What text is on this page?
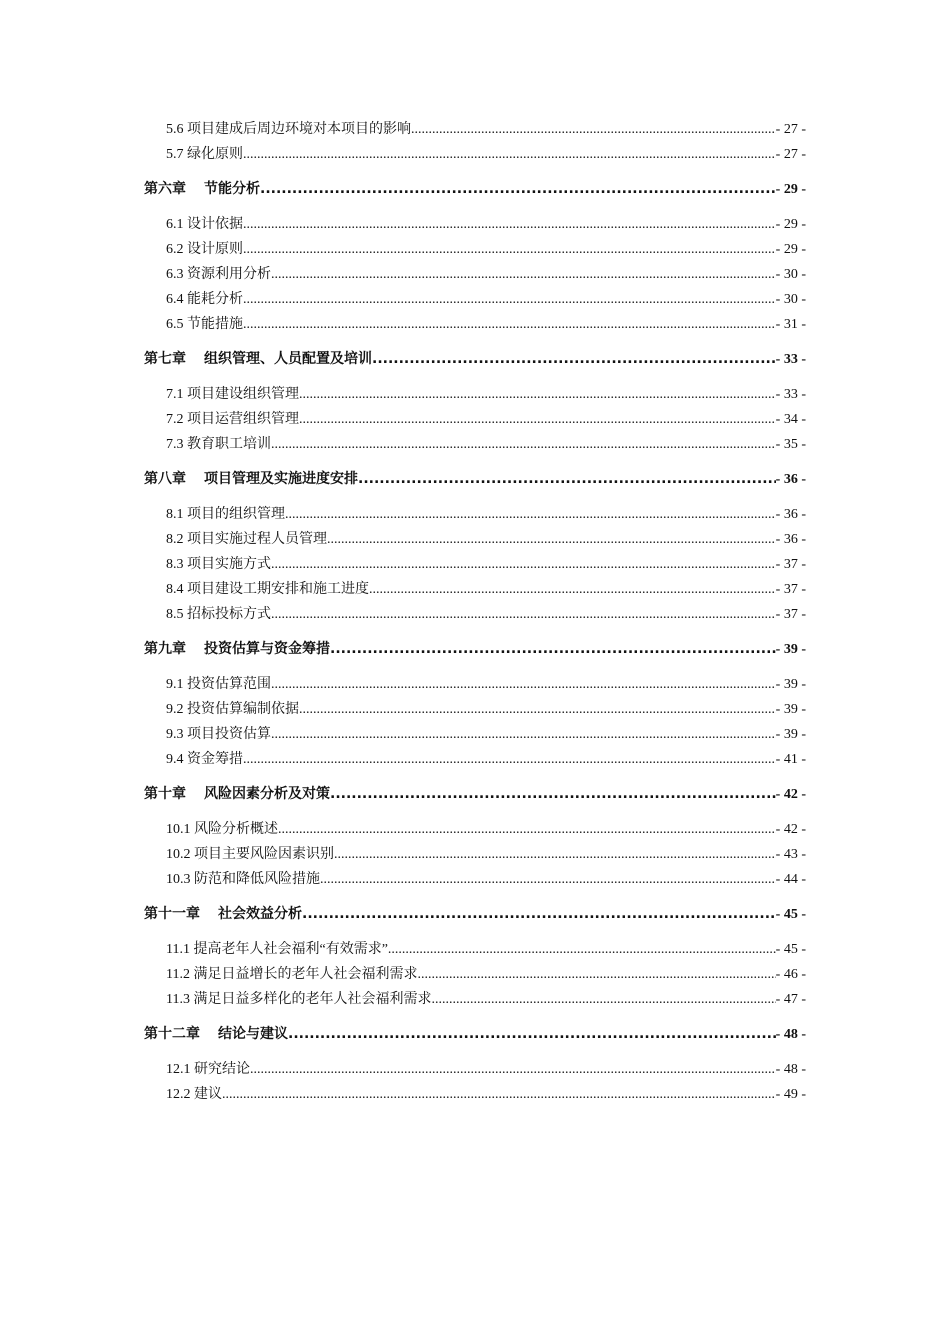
5.6 项目建成后周边环境对本项目的影响 .....	- 27 -
5.7 绿化原则 .....	- 27 -
第六章 节能分析 .....	- 29 -
6.1 设计依据 .....	- 29 -
6.2 设计原则 .....	- 29 -
6.3 资源利用分析 .....	- 30 -
6.4 能耗分析 .....	- 30 -
6.5 节能措施 .....	- 31 -
第七章 组织管理、人员配置及培训 .....	- 33 -
7.1 项目建设组织管理 .....	- 33 -
7.2 项目运营组织管理 .....	- 34 -
7.3 教育职工培训 .....	- 35 -
第八章 项目管理及实施进度安排 .....	- 36 -
8.1 项目的组织管理 .....	- 36 -
8.2 项目实施过程人员管理 .....	- 36 -
8.3 项目实施方式 .....	- 37 -
8.4 项目建设工期安排和施工进度 .....	- 37 -
8.5 招标投标方式 .....	- 37 -
第九章 投资估算与资金筹措 .....	- 39 -
9.1 投资估算范围 .....	- 39 -
9.2 投资估算编制依据 .....	- 39 -
9.3 项目投资估算 .....	- 39 -
9.4 资金筹措 .....	- 41 -
第十章 风险因素分析及对策 .....	- 42 -
10.1 风险分析概述 .....	- 42 -
10.2 项目主要风险因素识别 .....	- 43 -
10.3 防范和降低风险措施 .....	- 44 -
第十一章 社会效益分析 .....	- 45 -
11.1 提高老年人社会福利“有效需求” .....	- 45 -
11.2 满足日益增长的老年人社会福利需求 .....	- 46 -
11.3 满足日益多样化的老年人社会福利需求 .....	- 47 -
第十二章 结论与建议 .....	- 48 -
12.1 研究结论 .....	- 48 -
12.2 建议 .....	- 49 -
